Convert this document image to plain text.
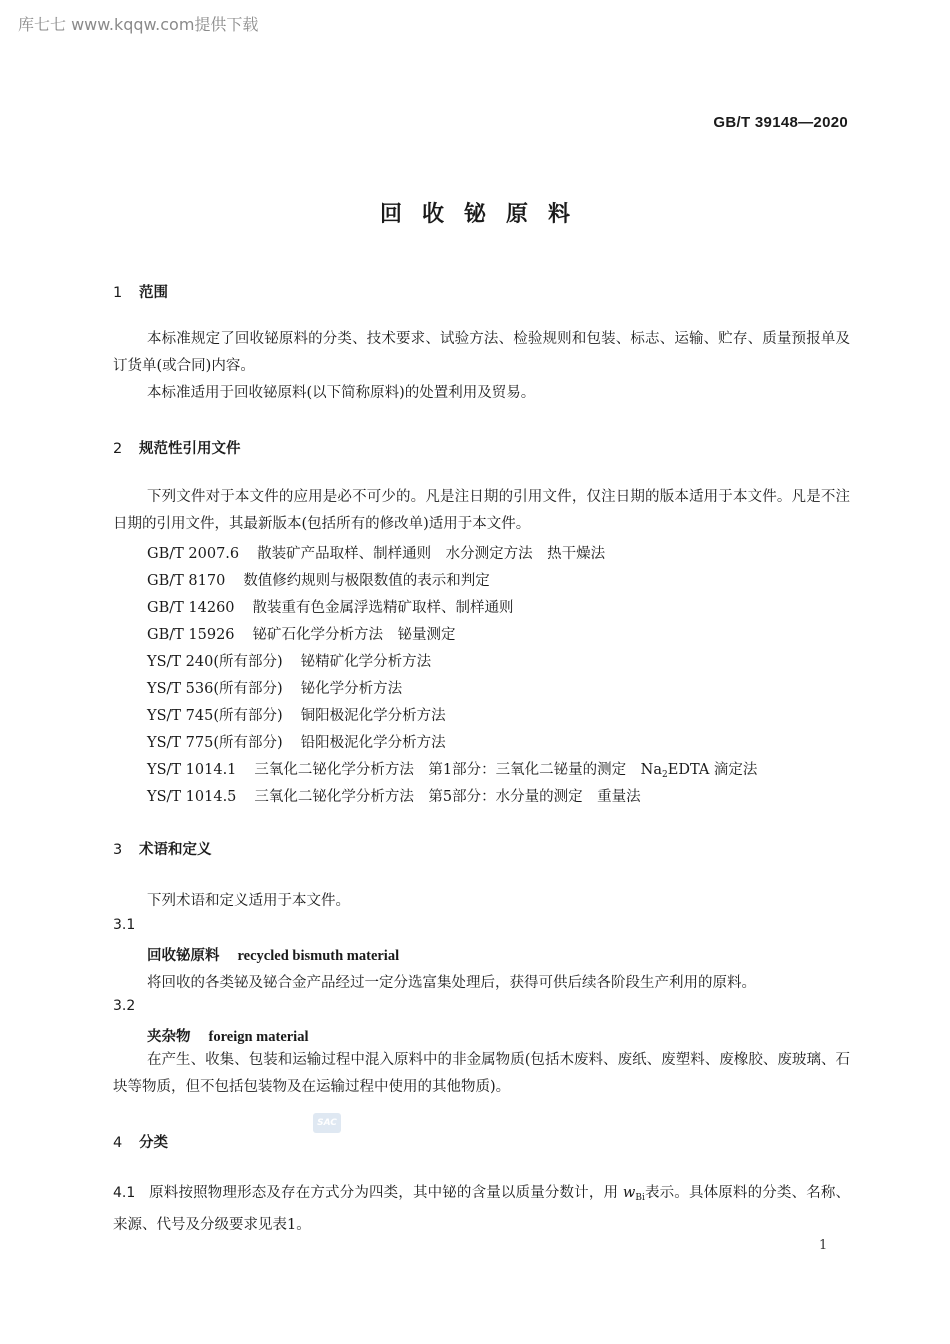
库七七 www.kqqw.com提供下载
GB/T 39148—2020
回收铋原料
1 范围
本标准规定了回收铋原料的分类、技术要求、试验方法、检验规则和包装、标志、运输、贮存、质量预报单及订货单(或合同)内容。
本标准适用于回收铋原料(以下简称原料)的处置利用及贸易。
2 规范性引用文件
下列文件对于本文件的应用是必不可少的。凡是注日期的引用文件，仅注日期的版本适用于本文件。凡是不注日期的引用文件，其最新版本(包括所有的修改单)适用于本文件。
GB/T 2007.6 散装矿产品取样、制样通则　水分测定方法　热干燥法
GB/T 8170 数值修约规则与极限数值的表示和判定
GB/T 14260 散装重有色金属浮选精矿取样、制样通则
GB/T 15926 铋矿石化学分析方法　铋量测定
YS/T 240(所有部分) 铋精矿化学分析方法
YS/T 536(所有部分) 铋化学分析方法
YS/T 745(所有部分) 铜阳极泥化学分析方法
YS/T 775(所有部分) 铅阳极泥化学分析方法
YS/T 1014.1 三氧化二铋化学分析方法　第1部分：三氧化二铋量的测定　$Na_2EDTA$ 滴定法
YS/T 1014.5 三氧化二铋化学分析方法　第5部分：水分量的测定　重量法
3 术语和定义
下列术语和定义适用于本文件。
3.1
回收铋原料 recycled bismuth material
将回收的各类铋及铋合金产品经过一定分选富集处理后，获得可供后续各阶段生产利用的原料。
3.2
夹杂物 foreign material
在产生、收集、包装和运输过程中混入原料中的非金属物质(包括木废料、废纸、废塑料、废橡胶、废玻璃、石块等物质，但不包括包装物及在运输过程中使用的其他物质)。
SAC
4 分类
4.1 原料按照物理形态及存在方式分为四类，其中铋的含量以质量分数计，用 $w_{Bi}$表示。具体原料的分类、名称、来源、代号及分级要求见表1。
1
